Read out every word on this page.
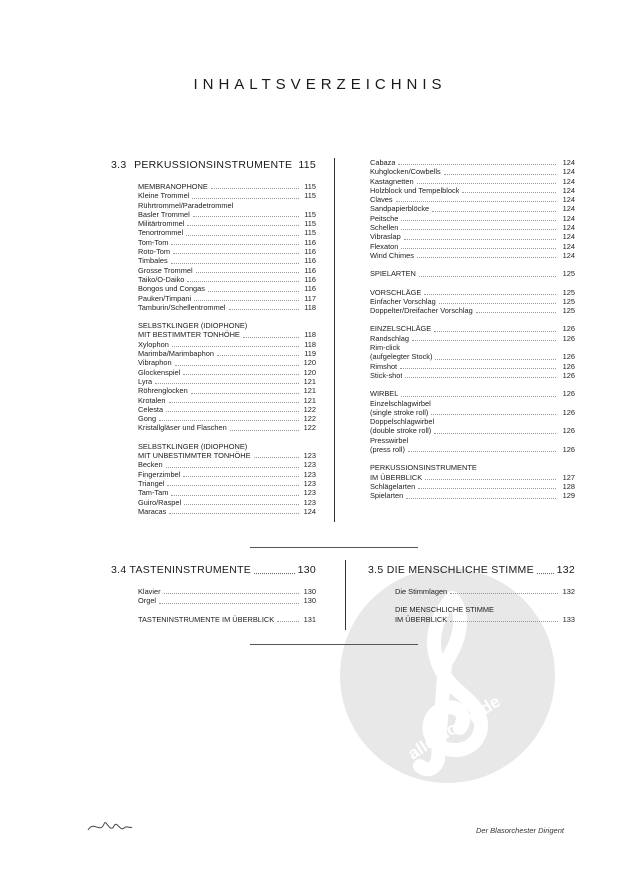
INHALTSVERZEICHNIS
3.3 PERKUSSIONSINSTRUMENTE 115
MEMBRANOPHONE	115
Kleine Trommel	115
Rührtrommel/Paradetrommel
Basler Trommel	115
Militärtrommel	115
Tenortrommel	115
Tom-Tom	116
Roto-Tom	116
Timbales	116
Grosse Trommel	116
Taiko/O-Daiko	116
Bongos und Congas	116
Pauken/Timpani	117
Tamburin/Schellentrommel	118
SELBSTKLINGER (IDIOPHONE)
MIT BESTIMMTER TONHÖHE	118
Xylophon	118
Marimba/Marimbaphon	119
Vibraphon	120
Glockenspiel	120
Lyra	121
Röhrenglocken	121
Krotalen	121
Celesta	122
Gong	122
Kristallgläser und Flaschen	122
SELBSTKLINGER (IDIOPHONE)
MIT UNBESTIMMTER TONHÖHE	123
Becken	123
Fingerzimbel	123
Triangel	123
Tam-Tam	123
Guiro/Raspel	123
Maracas	124
Cabaza	124
Kuhglocken/Cowbells	124
Kastagnetten	124
Holzblock und Tempelblock	124
Claves	124
Sandpapierblöcke	124
Peitsche	124
Schellen	124
Vibraslap	124
Flexaton	124
Wind Chimes	124
SPIELARTEN	125
VORSCHLÄGE	125
Einfacher Vorschlag	125
Doppelter/Dreifacher Vorschlag	125
EINZELSCHLÄGE	126
Randschlag	126
Rim-click
(aufgelegter Stock)	126
Rimshot	126
Stick-shot	126
WIRBEL	126
Einzelschlagwirbel
(single stroke roll)	126
Doppelschlagwirbel
(double stroke roll)	126
Presswirbel
(press roll)	126
PERKUSSIONSINSTRUMENTE
IM ÜBERBLICK	127
Schlägelarten	128
Spielarten	129
alle-noten.de
3.4 TASTENINSTRUMENTE	130
Klavier	130
Orgel	130
TASTENINSTRUMENTE IM ÜBERBLICK	131
3.5 DIE MENSCHLICHE STIMME 132
Die Stimmlagen	132
DIE MENSCHLICHE STIMME
IM ÜBERBLICK	133
Der Blasorchester Dirigent
